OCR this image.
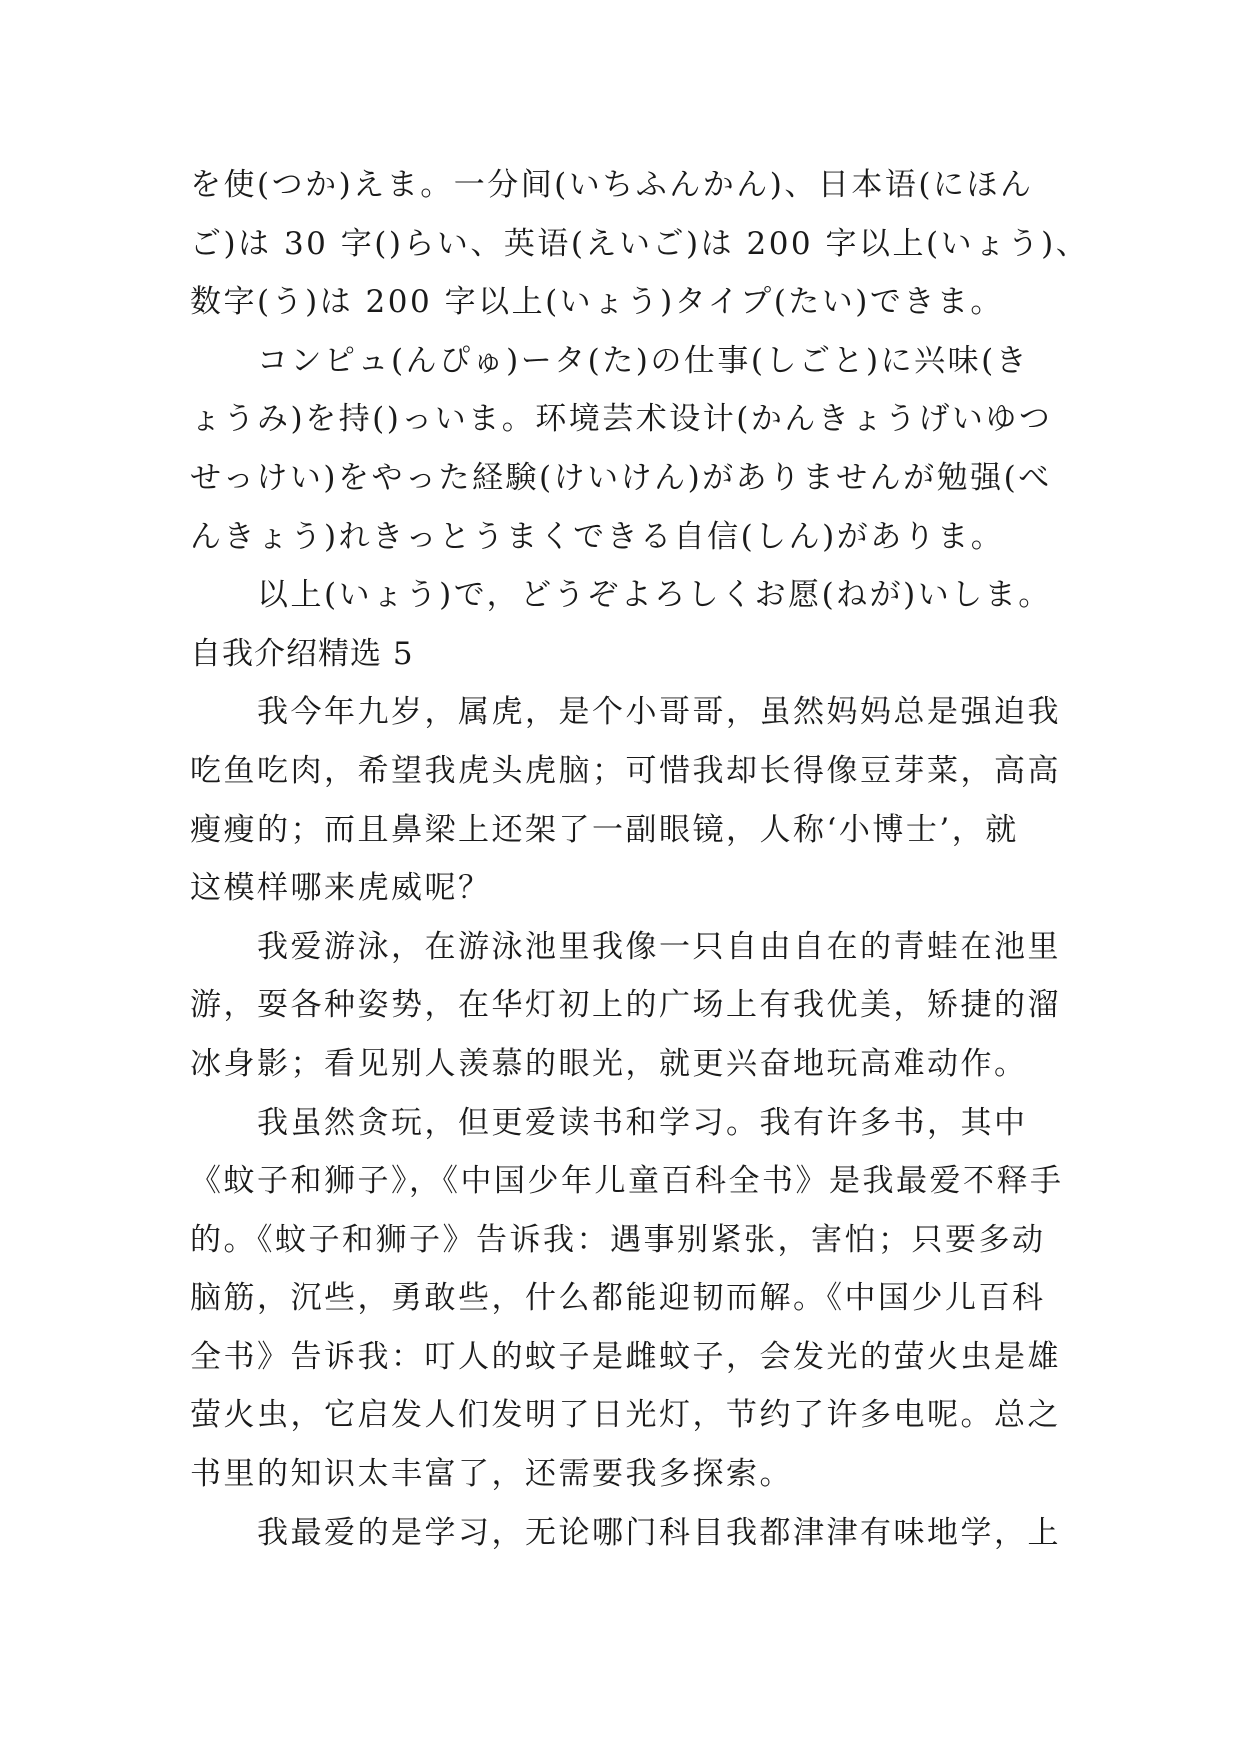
を使(つか)えま。一分间(いちふんかん)、日本语(にほん
ご)は 30 字()らい、英语(えいご)は 200 字以上(いょう)、
数字(う)は 200 字以上(いょう)タイプ(たい)できま。
　　コンピュ(んぴゅ)ータ(た)の仕事(しごと)に兴味(き
ょうみ)を持()っいま。环境芸术设计(かんきょうげいゆつ
せっけい)をやった経験(けいけん)がありませんが勉强(べ
んきょう)れきっとうまくできる自信(しん)がありま。
　　以上(いょう)で，どうぞよろしくお愿(ねが)いしま。
自我介绍精选 5
　　我今年九岁，属虎，是个小哥哥，虽然妈妈总是强迫我
吃鱼吃肉，希望我虎头虎脑；可惜我却长得像豆芽菜，高高
瘦瘦的；而且鼻梁上还架了一副眼镜，人称‘小博士’，就
这模样哪来虎威呢？
　　我爱游泳，在游泳池里我像一只自由自在的青蛙在池里
游，耍各种姿势，在华灯初上的广场上有我优美，矫捷的溜
冰身影；看见别人羡慕的眼光，就更兴奋地玩高难动作。
　　我虽然贪玩，但更爱读书和学习。我有许多书，其中
《蚊子和狮子》，《中国少年儿童百科全书》是我最爱不释手
的。《蚊子和狮子》告诉我：遇事别紧张，害怕；只要多动
脑筋，沉些，勇敢些，什么都能迎韧而解。《中国少儿百科
全书》告诉我：叮人的蚊子是雌蚊子，会发光的萤火虫是雄
萤火虫，它启发人们发明了日光灯，节约了许多电呢。总之
书里的知识太丰富了，还需要我多探索。
　　我最爱的是学习，无论哪门科目我都津津有味地学，上
